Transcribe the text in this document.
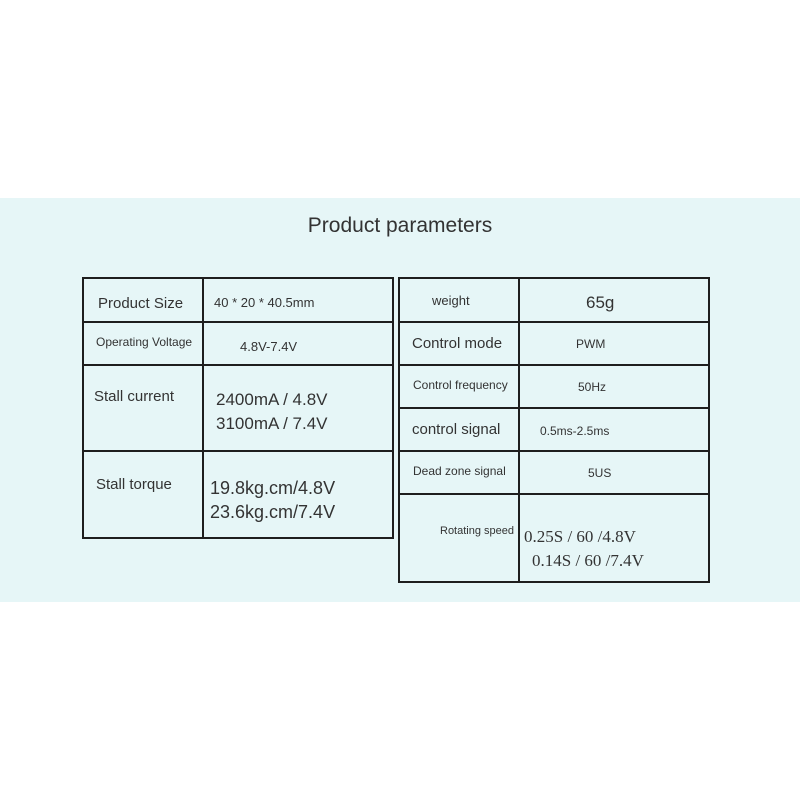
Product parameters
Product Size	40 * 20 * 40.5mm

Operating Voltage	4.8V-7.4V

Stall current	2400mA / 4.8V
3100mA / 7.4V

Stall torque	19.8kg.cm/4.8V
23.6kg.cm/7.4V
weight	65g

Control mode	PWM

Control frequency	50Hz

control signal	0.5ms-2.5ms

Dead zone signal	5US

Rotating speed	0.25S / 60 /4.8V
0.14S / 60 /7.4V
